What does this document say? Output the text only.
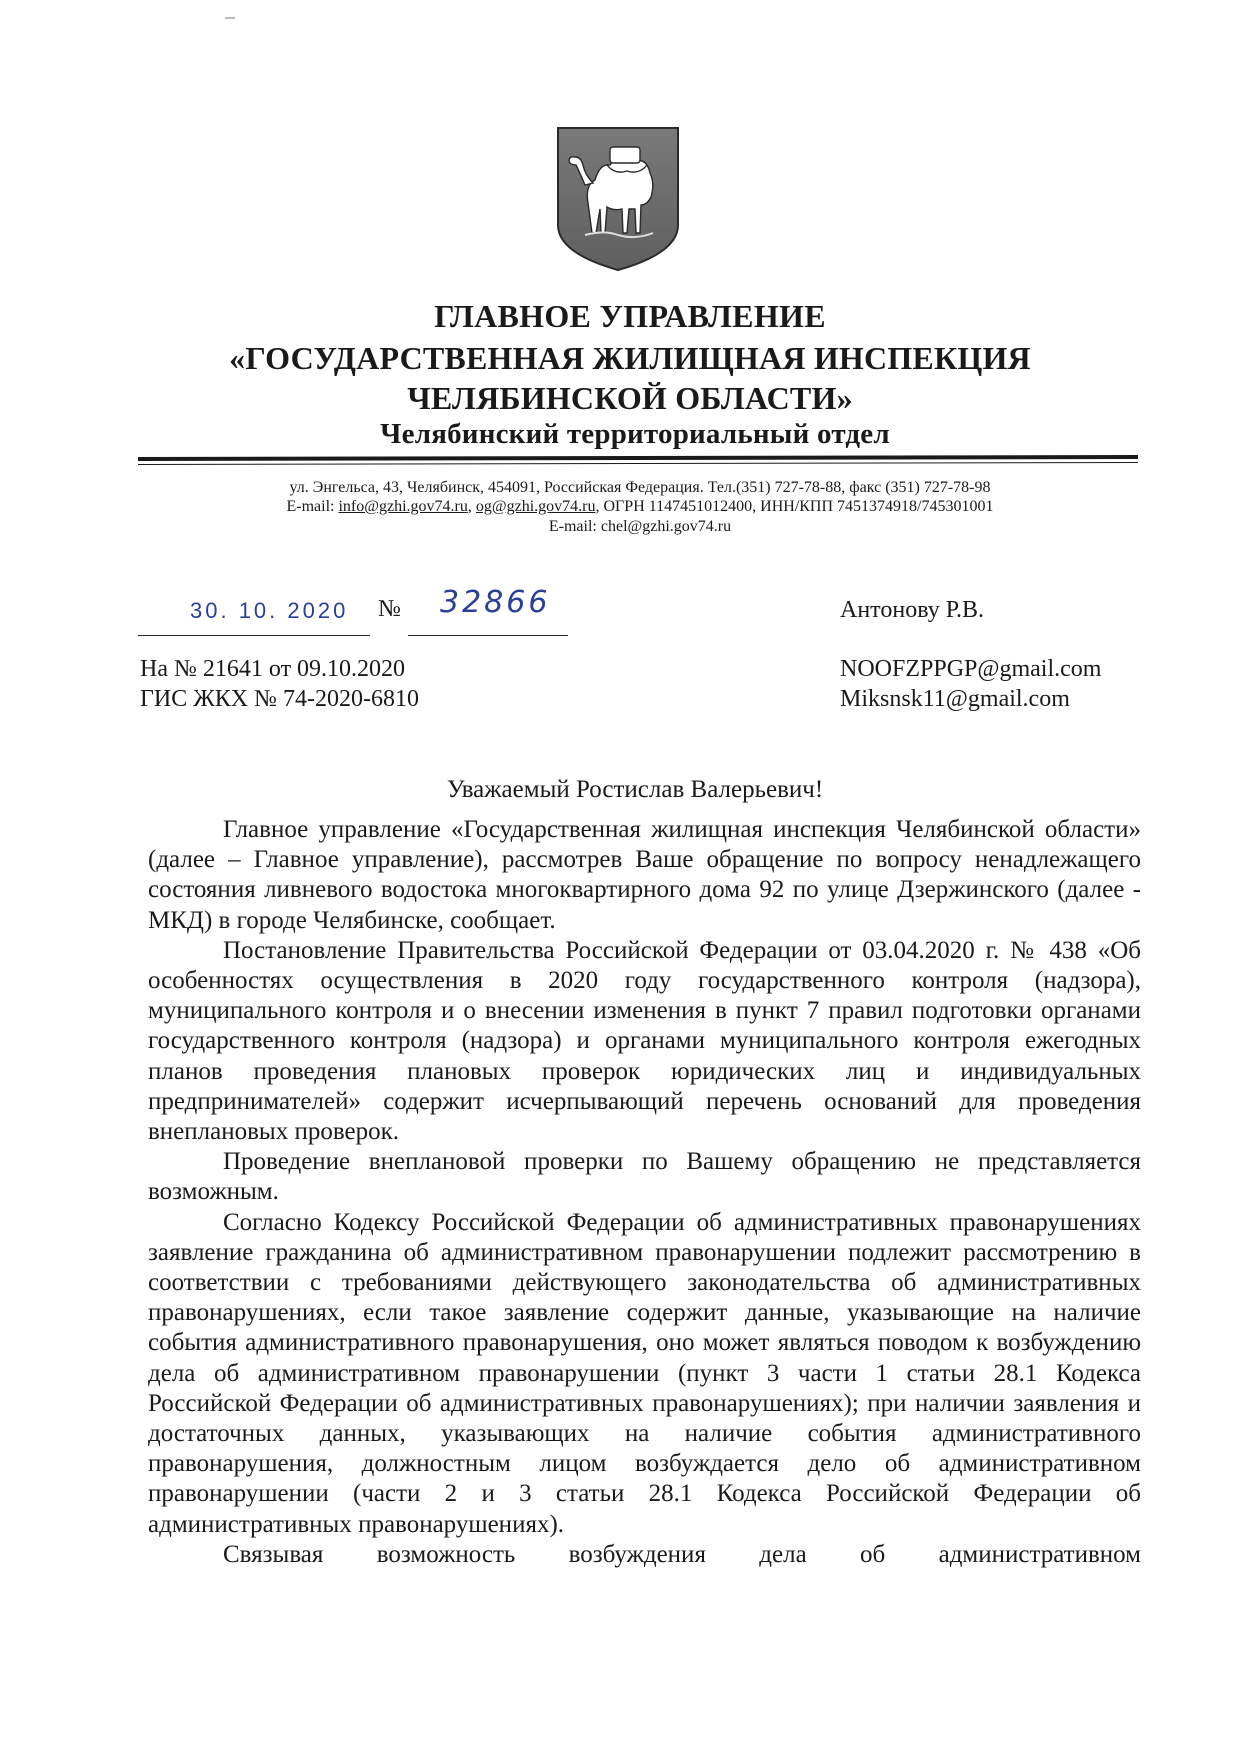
ГЛАВНОЕ УПРАВЛЕНИЕ
«ГОСУДАРСТВЕННАЯ ЖИЛИЩНАЯ ИНСПЕКЦИЯ
ЧЕЛЯБИНСКОЙ ОБЛАСТИ»
Челябинский территориальный отдел
ул. Энгельса, 43, Челябинск, 454091, Российская Федерация. Тел.(351) 727-78-88, факс (351) 727-78-98
E-mail: info@gzhi.gov74.ru, og@gzhi.gov74.ru, ОГРН 1147451012400, ИНН/КПП 7451374918/745301001
E-mail: chel@gzhi.gov74.ru
30. 10. 2020 № 32866	Антонову Р.В.
На № 21641 от 09.10.2020
ГИС ЖКХ № 74-2020-6810
NOOFZPPGP@gmail.com
Miksnsk11@gmail.com
Уважаемый Ростислав Валерьевич!

Главное управление «Государственная жилищная инспекция Челябинской области» (далее – Главное управление), рассмотрев Ваше обращение по вопросу ненадлежащего состояния ливневого водостока многоквартирного дома 92 по улице Дзержинского (далее - МКД) в городе Челябинске, сообщает.

Постановление Правительства Российской Федерации от 03.04.2020 г. № 438 «Об особенностях осуществления в 2020 году государственного контроля (надзора), муниципального контроля и о внесении изменения в пункт 7 правил подготовки органами государственного контроля (надзора) и органами муниципального контроля ежегодных планов проведения плановых проверок юридических лиц и индивидуальных предпринимателей» содержит исчерпывающий перечень оснований для проведения внеплановых проверок.

Проведение внеплановой проверки по Вашему обращению не представляется возможным.

Согласно Кодексу Российской Федерации об административных правонарушениях заявление гражданина об административном правонарушении подлежит рассмотрению в соответствии с требованиями действующего законодательства об административных правонарушениях, если такое заявление содержит данные, указывающие на наличие события административного правонарушения, оно может являться поводом к возбуждению дела об административном правонарушении (пункт 3 части 1 статьи 28.1 Кодекса Российской Федерации об административных правонарушениях); при наличии заявления и достаточных данных, указывающих на наличие события административного правонарушения, должностным лицом возбуждается дело об административном правонарушении (части 2 и 3 статьи 28.1 Кодекса Российской Федерации об административных правонарушениях).

Связывая возможность возбуждения дела об административном
